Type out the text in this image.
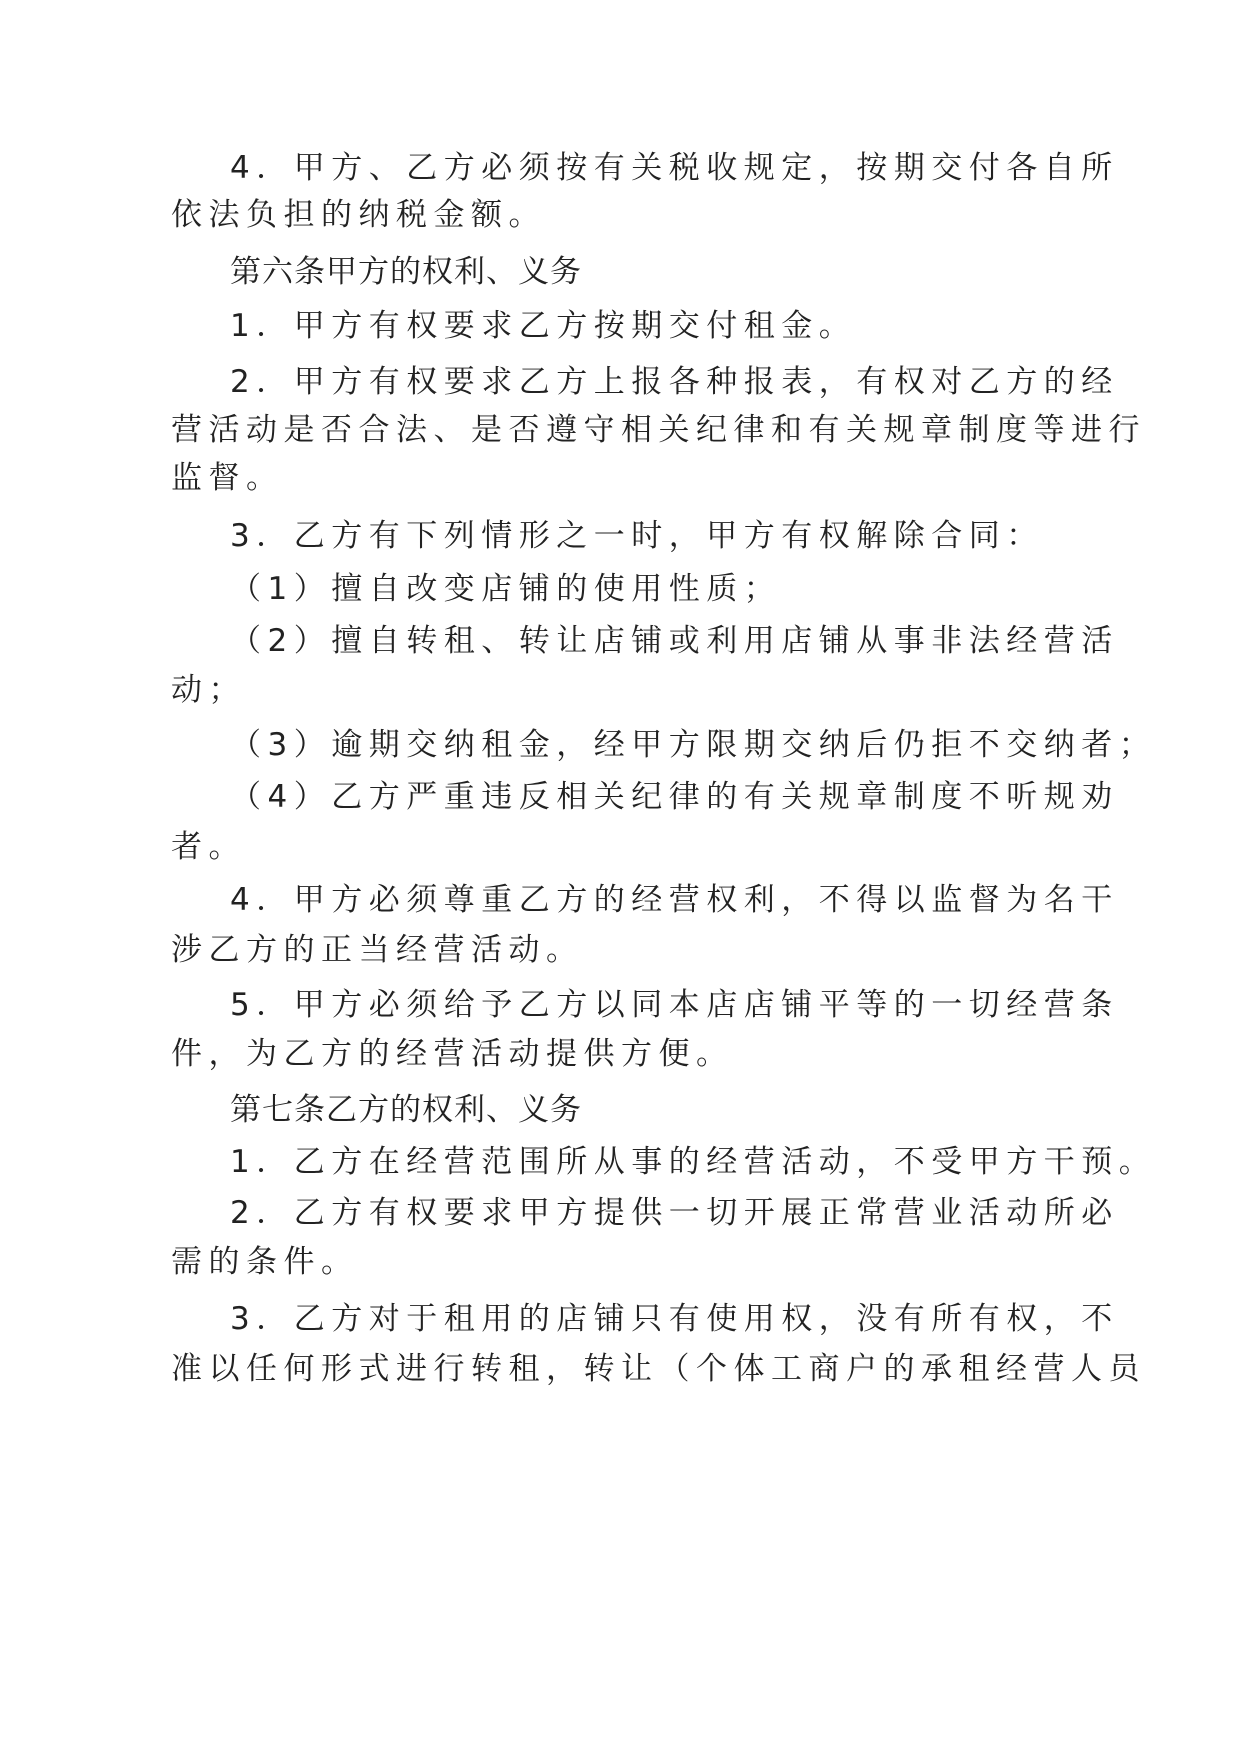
4．甲方、乙方必须按有关税收规定，按期交付各自所

依法负担的纳税金额。

第六条甲方的权利、义务

1．甲方有权要求乙方按期交付租金。

2．甲方有权要求乙方上报各种报表，有权对乙方的经

营活动是否合法、是否遵守相关纪律和有关规章制度等进行

监督。

3．乙方有下列情形之一时，甲方有权解除合同：

（1）擅自改变店铺的使用性质；

（2）擅自转租、转让店铺或利用店铺从事非法经营活

动；

（3）逾期交纳租金，经甲方限期交纳后仍拒不交纳者；

（4）乙方严重违反相关纪律的有关规章制度不听规劝

者。

4．甲方必须尊重乙方的经营权利，不得以监督为名干

涉乙方的正当经营活动。

5．甲方必须给予乙方以同本店店铺平等的一切经营条

件，为乙方的经营活动提供方便。

第七条乙方的权利、义务

1．乙方在经营范围所从事的经营活动，不受甲方干预。

2．乙方有权要求甲方提供一切开展正常营业活动所必

需的条件。

3．乙方对于租用的店铺只有使用权，没有所有权，不

准以任何形式进行转租，转让（个体工商户的承租经营人员
